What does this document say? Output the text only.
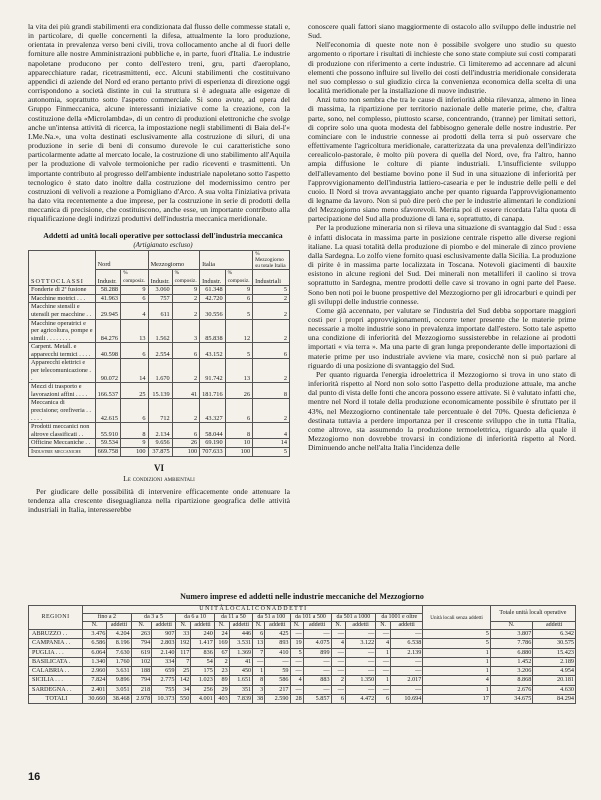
la vita dei più grandi stabilimenti era condizionata dal flusso delle commesse statali e, in particolare, di quelle concernenti la difesa, attualmente la loro produzione, orientata in prevalenza verso beni civili, trova collocamento anche al di fuori delle forniture alle nostre Amministrazioni pubbliche e, in parte, fuori d'Italia. Le industrie napoletane producono per conto dell'estero treni, gru, parti d'aeroplano, apparecchiature radar, ricetrasmittenti, ecc. Alcuni stabilimenti che costituivano appendici di aziende del Nord ed erano pertanto privi di esperienza di direzione oggi corrispondono a società distinte in cui la struttura si è adeguata alle esigenze di autonomia, soprattutto sotto l'aspetto commerciale. Si sono avute, ad opera del Gruppo Finmeccanica, alcune interessanti iniziative come la creazione, con la costituzione della «Microlambda», di un centro di produzioni elettroniche che svolge anche un'intensa attività di ricerca, la impostazione negli stabilimenti di Baia del-l'« I.Me.Na.», una volta destinati esclusivamente alla costruzione di siluri, di una produzione in serie di beni di consumo durevole le cui caratteristiche sono particolarmente adatte al mercato locale, la costruzione di uno stabilimento all'Aquila per la produzione di valvole termoioniche per radio riceventi e trasmittenti. Un importante contributo al progresso dell'ambiente industriale napoletano sotto l'aspetto tecnologico è stato dato inoltre dalla costruzione del modernissimo centro per costruzioni di velivoli a reazione a Pomigliano d'Arco. A sua volta l'iniziativa privata ha dato vita recentemente a due imprese, per la costruzione in serie di prodotti della meccanica di precisione, che costituiscono, anche esse, un importante contributo alla riqualificazione degli indirizzi produttivi dell'industria meccanica meridionale.

Addetti ad unità locali operative per sottoclassi dell'industria meccanica

(Artigianato escluso)

SOTTOCLASSI	Nord		Mezzogiorno		Italia		% Mezzogiorno su totale Italia
	Industr.	% composiz.	Industr.	% composiz.	Industr.	% composiz.	Industriali
Fonderie di 2ª fusione	58.288	9	3.060	9	61.348	9	5
Macchine motrici . . .	41.963	6	757	2	42.720	6	2
Macchine stensili e utensili per macchine . .	29.945	4	611	2	30.556	5	2
Macchine operatrici e per agricoltura, pompe e simili . . . . . . . .	84.276	13	1.562	3	85.838	12	2
Carpent. Metall. e apparecchi termici . . . .	40.598	6	2.554	6	43.152	5	6
Apparecchi elettrici e per telecomunicazione . .	90.072	14	1.670	2	91.742	13	2
Mezzi di trasporto e lavorazioni affini . . . .	166.537	25	15.139	41	181.716	26	8
Meccanica di precisione; orefiveria . . . . . .	42.615	6	712	2	43.327	6	2
Prodotti meccanici non altrove classificati . .	55.910	8	2.134	6	58.044	8	4
Officine Meccaniche . .	59.534	9	9.656	26	69.190	10	14
Industrie meccaniche	669.758	100	37.875	100	707.633	100	5
VI
Le condizioni ambientali

Per giudicare delle possibilità di intervenire efficacemente onde attenuare la tendenza alla crescente diseguaglianza nella ripartizione geografica delle attività industriali in Italia, interesserebbe

conoscere quali fattori siano maggiormente di ostacolo allo sviluppo delle industrie nel Sud.

Nell'economia di queste note non è possibile svolgere uno studio su questo argomento o riportare i risultati di inchieste che sono state compiute sui costi comparati di produzione con riferimento a certe industrie. Ci limiteremo ad accennare ad alcuni elementi che possono influire sul livello dei costi dell'industria meridionale considerata nel suo complesso o sul giudizio circa la convenienza economica della scelta di una località meridionale per la installazione di nuove industrie.

Anzi tutto non sembra che tra le cause di inferiorità abbia rilevanza, almeno in linea di massima, la ripartizione per territorio nazionale delle materie prime, che, d'altra parte, sono, nel complesso, piuttosto scarse, concentrando, (tranne) per limitati settori, di coprire solo una quota modesta del fabbisogno generale delle nostre industrie. Per cominciare con le industrie connesse ai prodotti della terra si può osservare che effettivamente l'agricoltura meridionale, caratterizzata da una prevalenza dell'indirizzo cerealicolo-pastorale, è molto più povera di quella del Nord, ove, fra l'altro, hanno ampia diffusione le colture di piante industriali. L'insufficiente sviluppo dell'allevamento del bestiame bovino pone il Sud in una situazione di inferiorità per l'approvvigionamento dell'industria lattiero-casearia e per le industrie delle pelli e del cuoio. Il Nord si trova avvantaggiato anche per quanto riguarda l'approvvigionamento di legname da lavoro. Non si può dire però che per le industrie alimentari le condizioni del Mezzogiorno siano meno sfavorevoli. Merita poi di essere ricordata l'alta quota di partecipazione del Sud alla produzione di lana e, soprattutto, di canapa.

Per la produzione mineraria non si rileva una situazione di svantaggio dal Sud : essa è infatti dislocata in massima parte in posizione centrale rispetto alle diverse regioni italiane. La quasi totalità della produzione di piombo e del minerale di zinco proviene dalla Sardegna. Lo zolfo viene fornito quasi esclusivamente dalla Sicilia. La produzione di pirite è in massima parte localizzata in Toscana. Notevoli giacimenti di bauxite esistono in alcune regioni del Sud. Dei minerali non metalliferi il caolino si trova soprattutto in Sardegna, mentre prodotti delle cave si trovano in ogni parte del Paese. Sono ben noti poi le buone prospettive del Mezzogiorno per gli idrocarburi e quindi per gli sviluppi delle industrie connesse.

Come già accennato, per valutare se l'industria del Sud debba sopportare maggiori costi per i propri approvvigionamenti, occorre tener presente che le materie prime necessarie a molte industrie sono in prevalenza importate dall'estero. Sotto tale aspetto una condizione di inferiorità del Mezzogiorno sussisterebbe in relazione ai prodotti importati « via terra ». Ma una parte di gran lunga preponderante delle importazioni di materie prime per uso industriale avviene via mare, cosicchè non si può parlare al riguardo di una posizione di svantaggio del Sud.

Per quanto riguarda l'energia idroelettrica il Mezzogiorno si trova in uno stato di inferiorità rispetto al Nord non solo sotto l'aspetto della produzione attuale, ma anche dal punto di vista delle fonti che ancora possono essere attivate. Si è valutato infatti che, mentre nel Nord il totale della produzione economicamente possibile è sfruttato per il 43%, nel Mezzogiorno continentale tale percentuale è del 70%. Questa deficienza è destinata tuttavia a perdere importanza per il crescente sviluppo che in tutta l'Italia, come altrove, sta assumendo la produzione termoelettrica, riguardo alla quale il Mezzogiorno non dovrebbe trovarsi in condizione di inferiorità rispetto al Nord. Diminuendo anche nell'alta Italia l'incidenza delle

Numero imprese ed addetti nelle industrie meccaniche del Mezzogiorno
REGIONI	U N I T À L O C A L I C O N A D D E T T I																Unità locali senza addetti	Totale unità locali operative	
	fino a 2		da 3 a 5		da 6 a 10		da 11 a 50		da 51 a 100		da 101 a 500		da 501 a 1000		da 1001 e oltre				
	N.	addetti	N.	addetti	N.	addetti	N.	addetti	N.	addetti	N.	addetti	N.	addetti	N.	addetti		N.	addetti
ABRUZZO . .	3.476	4.204	263	907	33	240	24	446	6	425	—	—	—	—	—	—	5	3.807	6.342
CAMPANIA . .	6.586	8.196	794	2.803	192	1.417	169	3.531	13	893	19	4.075	4	3.122	4	6.538	5	7.786	30.575
PUGLIA . . .	6.064	7.630	619	2.140	117	836	67	1.369	7	410	5	899	—	—	1	2.139	1	6.880	15.423
BASILICATA .	1.340	1.760	102	334	7	54	2	41	—	—	—	—	—	—	—	—	1	1.452	2.189
CALABRIA . .	2.960	3.631	188	659	25	175	23	450	1	59	—	—	—	—	—	—	1	3.206	4.954
SICILIA . . .	7.824	9.896	794	2.775	142	1.023	89	1.651	8	586	4	883	2	1.350	1	2.017	4	8.868	20.181
SARDEGNA . .	2.401	3.051	218	755	34	256	29	351	3	217	—	—	—	—	—	—	1	2.676	4.630
TOTALI	30.660	38.468	2.978	10.373	550	4.001	403	7.839	38	2.590	28	5.857	6	4.472	6	10.694	17	34.675	84.294
16
